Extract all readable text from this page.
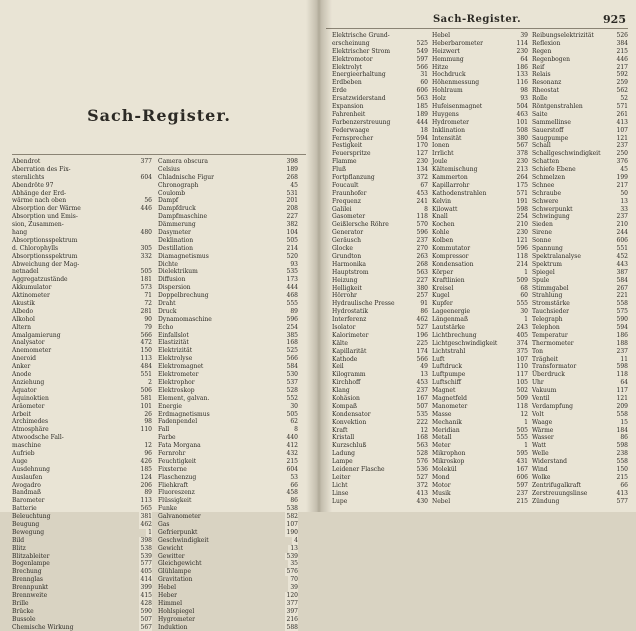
Sach-Register.
Abendrot	377
Aberration des Fix-
sternlichts	604
Abendröte 97
Abhänge der Erd-
wärme nach oben	56
Absorption der Wärme	446
Absorption und Emis-
sion, Zusammen-
hang	480
Absorptionsspektrum
d. Chlorophylls	305
Absorptionsspektrum	332
Abweichung der Mag-
netnadel	505
Aggregatzustände	181
Akkumulator	573
Aktinometer	71
Akustik	72
Albedo	281
Alkohol	90
Altern	79
Amalgamierung	566
Analysator	472
Anemometer	150
Aneroid	113
Anker	484
Anode	551
Anziehung	2
Äquator	506
Äquinoktien	581
Aräometer	101
Arbeit	26
Archimedes	98
Atmosphäre	110
Atwoodsche Fall-
maschine	12
Aufrieb	96
Auge	426
Ausdehnung	185
Auslaufen	124
Avogadro	206
Bandmaß	89
Barometer	113
Batterie	565
Beleuchtung	381
Beugung	462
Bewegung	1
Bild	398
Blitz	538
Blitzableiter	539
Bogenlampe	577
Brechung	405
Brennglas	414
Brennpunkt	399
Brennweite	415
Brille	428
Brücke	590
Bussole	507
Chemische Wirkung	567
Camera obscura	398
Celsius	189
Chladnische Figur	268
Chronograph	45
Coulomb	531
Dampf	201
Dampfdruck	208
Dampfmaschine	227
Dämmerung	382
Dasymeter	104
Deklination	505
Destillation	214
Diamagnetismus	520
Dichte	93
Dielektrikum	535
Diffusion	173
Dispersion	444
Doppelbrechung	468
Draht	555
Druck	89
Dynamomaschine	596
Echo	254
Einfallslot	385
Elastizität	168
Elektrizität	525
Elektrolyse	566
Elektromagnet	584
Elektrometer	530
Elektrophor	537
Elektroskop	528
Element, galvan.	552
Energie	30
Erdmagnetismus	505
Fadenpendel	62
Fall	8
Farbe	440
Fata Morgana	412
Fernrohr	432
Feuchtigkeit	215
Fixsterne	604
Flaschenzug	53
Fliehkraft	66
Fluoreszenz	458
Flüssigkeit	86
Funke	538
Galvanometer	582
Gas	107
Gefrierpunkt	190
Geschwindigkeit	4
Gewicht	13
Gewitter	539
Gleichgewicht	35
Glühlampe	576
Gravitation	70
Hebel	39
Heber	120
Himmel	377
Hohlspiegel	397
Hygrometer	216
Induktion	588
Sach-Register.	925
Elektrische Grund-
erscheinung	525
Elektrischer Strom	549
Elektromotor	597
Elektrolyt	566
Energieerhaltung	31
Erdbeben	60
Erde	606
Ersatzwiderstand	563
Expansion	185
Fahrenheit	189
Farbenzerstreuung	444
Federwaage	18
Fernsprecher	594
Festigkeit	170
Feuerspritze	127
Flamme	230
Fluß	134
Fortpflanzung	372
Foucault	67
Fraunhofer	453
Frequenz	241
Galilei	8
Gasometer	118
Geißlersche Röhre	570
Generator	596
Geräusch	237
Glocke	270
Grundton	263
Harmonika	268
Hauptstrom	563
Heizung	227
Helligkeit	380
Hörrohr	257
Hydraulische Presse	91
Hydrostatik	86
Interferenz	462
Isolator	527
Kalorimeter	196
Kälte	225
Kapillarität	174
Kathode	566
Keil	49
Kilogramm	13
Kirchhoff	453
Klang	237
Kohäsion	167
Kompaß	507
Kondensator	535
Konvektion	222
Kraft	12
Kristall	168
Kurzschluß	563
Ladung	528
Lampe	576
Leidener Flasche	536
Leiter	527
Licht	372
Linse	413
Lupe	430
Hebel	39
Heberbarometer	114
Heizwert	230
Hemmung	64
Hitze	186
Hochdruck	133
Höhenmessung	116
Hohlraum	98
Holz	93
Hufeisenmagnet	504
Huygens	463
Hydrometer	101
Inklination	508
Intensität	380
Ionen	567
Irrlicht	378
Joule	230
Kältemischung	213
Kammerton	264
Kapillarrohr	175
Kathodenstrahlen	571
Kelvin	191
Kilowatt	598
Knall	254
Kochen	210
Kohle	230
Kolben	121
Kommutator	596
Kompressor	118
Kondensation	214
Körper	1
Kraftlinien	509
Kreisel	68
Kugel	60
Kupfer	555
Lageenergie	30
Längenmaß	1
Lautstärke	243
Lichtbrechung	405
Lichtgeschwindigkeit	374
Lichtstrahl	375
Luft	107
Luftdruck	110
Luftpumpe	117
Luftschiff	105
Magnet	502
Magnetfeld	509
Manometer	118
Masse	12
Mechanik	1
Meridian	505
Metall	555
Meter	1
Mikrophon	595
Mikroskop	431
Molekül	167
Mond	606
Motor	597
Musik	237
Nebel	215
Reibungselektrizität	526
Reflexion	384
Regen	215
Regenbogen	446
Reif	217
Relais	592
Resonanz	259
Rheostat	562
Rolle	52
Röntgenstrahlen	571
Saite	261
Sammellinse	413
Sauerstoff	107
Saugpumpe	121
Schall	237
Schallgeschwindigkeit	250
Schatten	376
Schiefe Ebene	45
Schmelzen	199
Schnee	217
Schraube	50
Schwere	13
Schwerpunkt	33
Schwingung	237
Sieden	210
Sirene	244
Sonne	606
Spannung	551
Spektralanalyse	452
Spektrum	443
Spiegel	387
Spule	584
Stimmgabel	267
Strahlung	221
Stromstärke	558
Tauchsieder	575
Telegraph	590
Telephon	594
Temperatur	186
Thermometer	188
Ton	237
Trägheit	11
Transformator	598
Überdruck	118
Uhr	64
Vakuum	117
Ventil	121
Verdampfung	209
Volt	558
Waage	15
Wärme	184
Wasser	86
Watt	598
Welle	238
Widerstand	558
Wind	150
Wolke	215
Zentrifugalkraft	66
Zerstreuungslinse	413
Zündung	577
